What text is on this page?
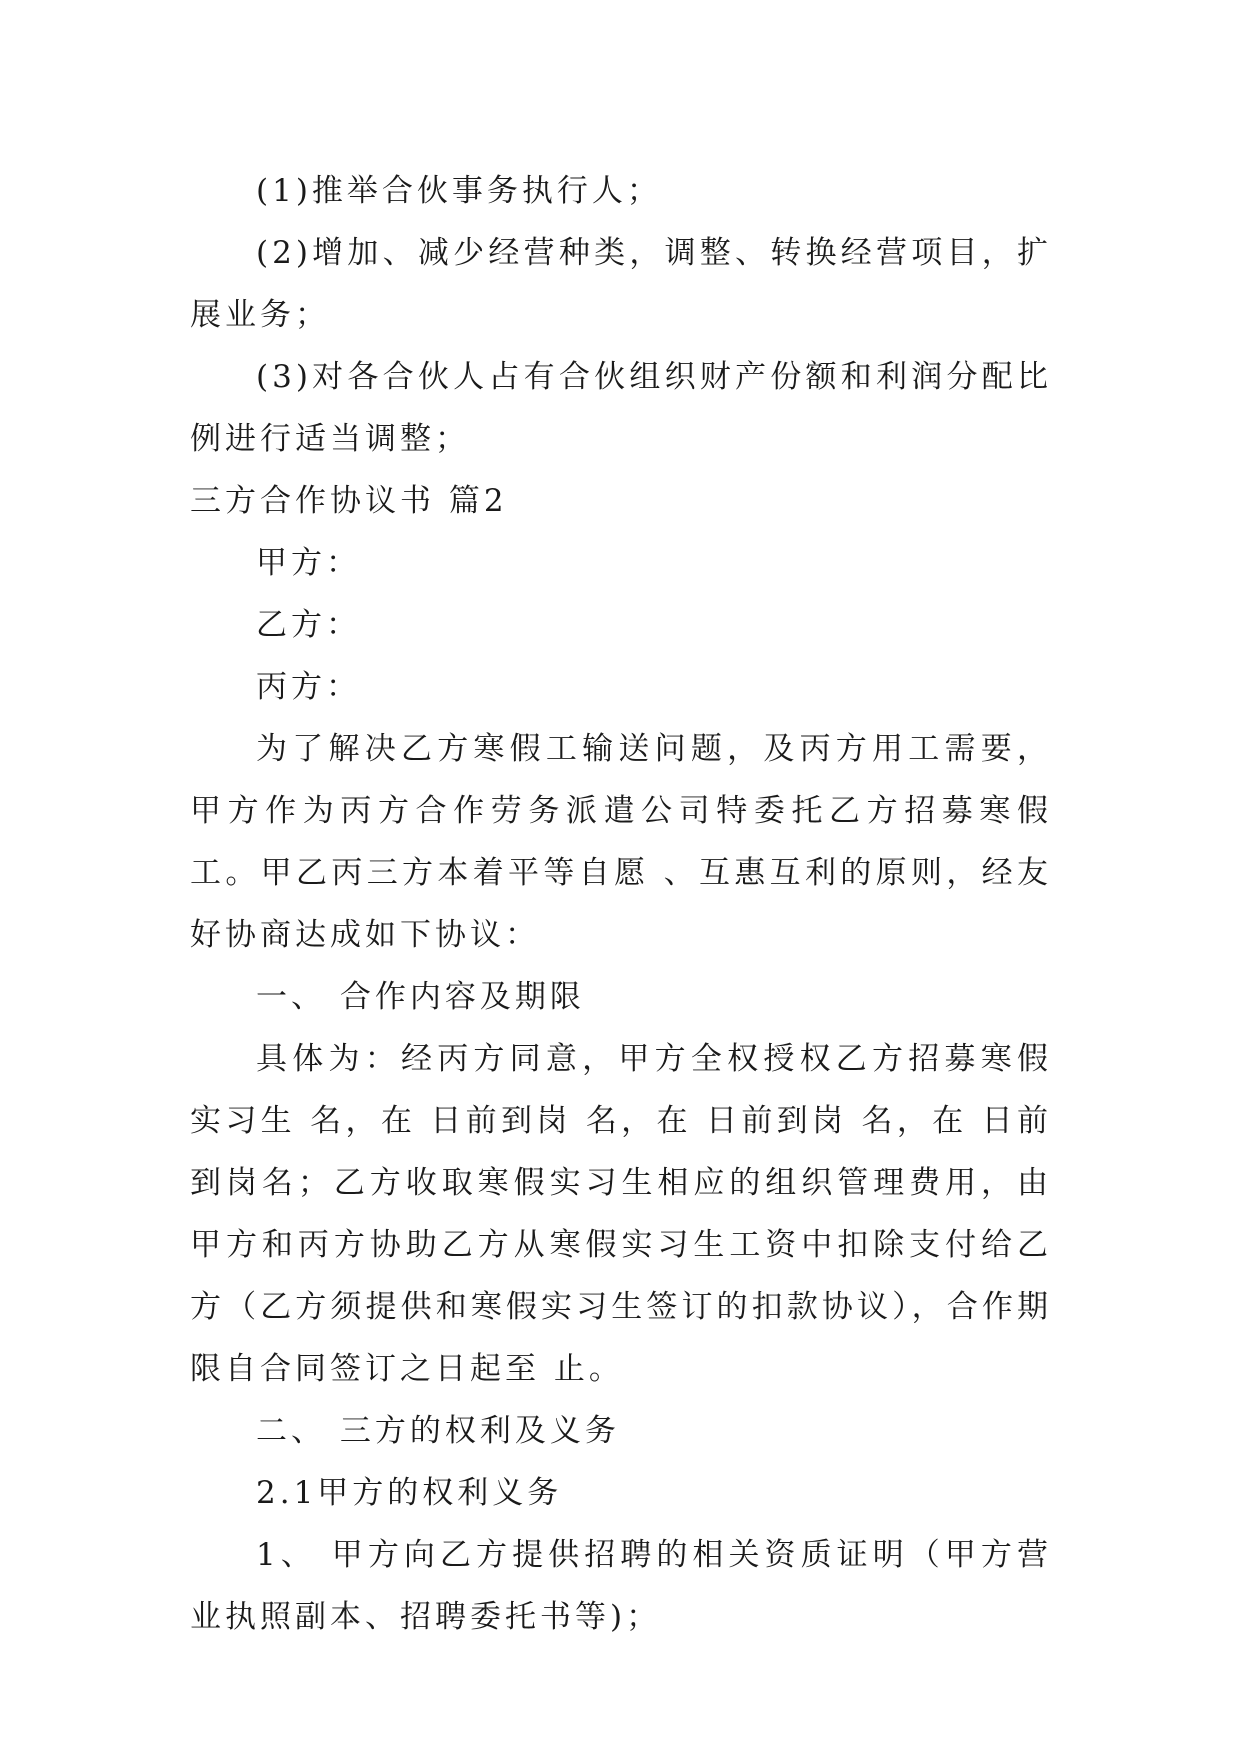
(1)推举合伙事务执行人；

(2)增加、减少经营种类，调整、转换经营项目，扩展业务；

(3)对各合伙人占有合伙组织财产份额和利润分配比例进行适当调整；

三方合作协议书 篇2

甲方：

乙方：

丙方：

为了解决乙方寒假工输送问题，及丙方用工需要，甲方作为丙方合作劳务派遣公司特委托乙方招募寒假工。甲乙丙三方本着平等自愿 、互惠互利的原则，经友好协商达成如下协议：

一、 合作内容及期限

具体为：经丙方同意，甲方全权授权乙方招募寒假实习生 名，在 日前到岗 名，在 日前到岗 名，在 日前到岗名；乙方收取寒假实习生相应的组织管理费用，由甲方和丙方协助乙方从寒假实习生工资中扣除支付给乙方（乙方须提供和寒假实习生签订的扣款协议），合作期限自合同签订之日起至 止。

二、 三方的权利及义务

2.1甲方的权利义务

1、 甲方向乙方提供招聘的相关资质证明（甲方营业执照副本、招聘委托书等)；
